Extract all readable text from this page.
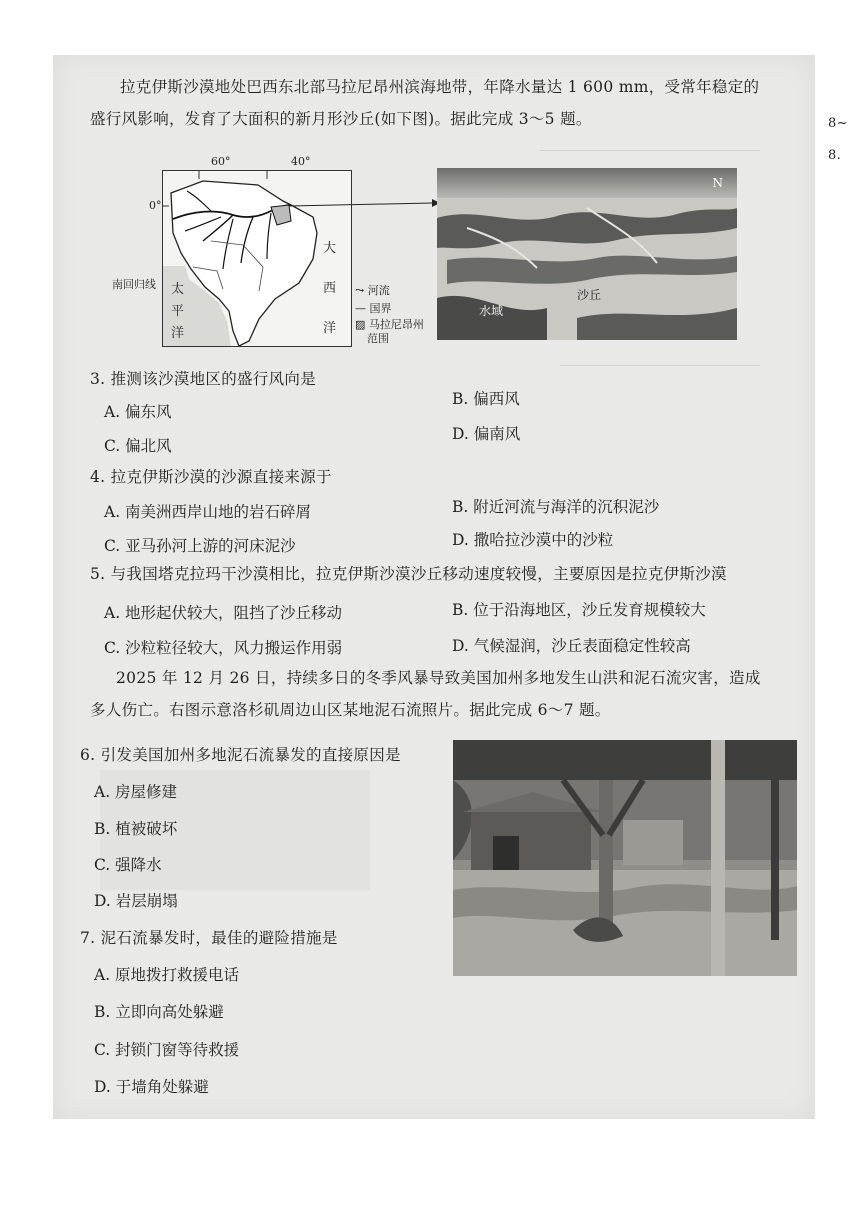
8~
8.
拉克伊斯沙漠地处巴西东北部马拉尼昂州滨海地带，年降水量达 1 600 mm，受常年稳定的
盛行风影响，发育了大面积的新月形沙丘(如下图)。据此完成 3～5 题。
60°	40°
0°
太
平
洋
大
西
洋
南回归线	⤳ 河流
— 国界
▨ 马拉尼昂州
范围
N
水域
沙丘
3. 推测该沙漠地区的盛行风向是
A. 偏东风
B. 偏西风
C. 偏北风
D. 偏南风
4. 拉克伊斯沙漠的沙源直接来源于
A. 南美洲西岸山地的岩石碎屑	B. 附近河流与海洋的沉积泥沙
C. 亚马孙河上游的河床泥沙	D. 撒哈拉沙漠中的沙粒
5. 与我国塔克拉玛干沙漠相比，拉克伊斯沙漠沙丘移动速度较慢，主要原因是拉克伊斯沙漠
A. 地形起伏较大，阻挡了沙丘移动	B. 位于沿海地区，沙丘发育规模较大
C. 沙粒粒径较大，风力搬运作用弱	D. 气候湿润，沙丘表面稳定性较高
2025 年 12 月 26 日，持续多日的冬季风暴导致美国加州多地发生山洪和泥石流灾害，造成
多人伤亡。右图示意洛杉矶周边山区某地泥石流照片。据此完成 6～7 题。
6. 引发美国加州多地泥石流暴发的直接原因是
A. 房屋修建
B. 植被破坏
C. 强降水
D. 岩层崩塌
7. 泥石流暴发时，最佳的避险措施是
A. 原地拨打救援电话
B. 立即向高处躲避
C. 封锁门窗等待救援
D. 于墙角处躲避
